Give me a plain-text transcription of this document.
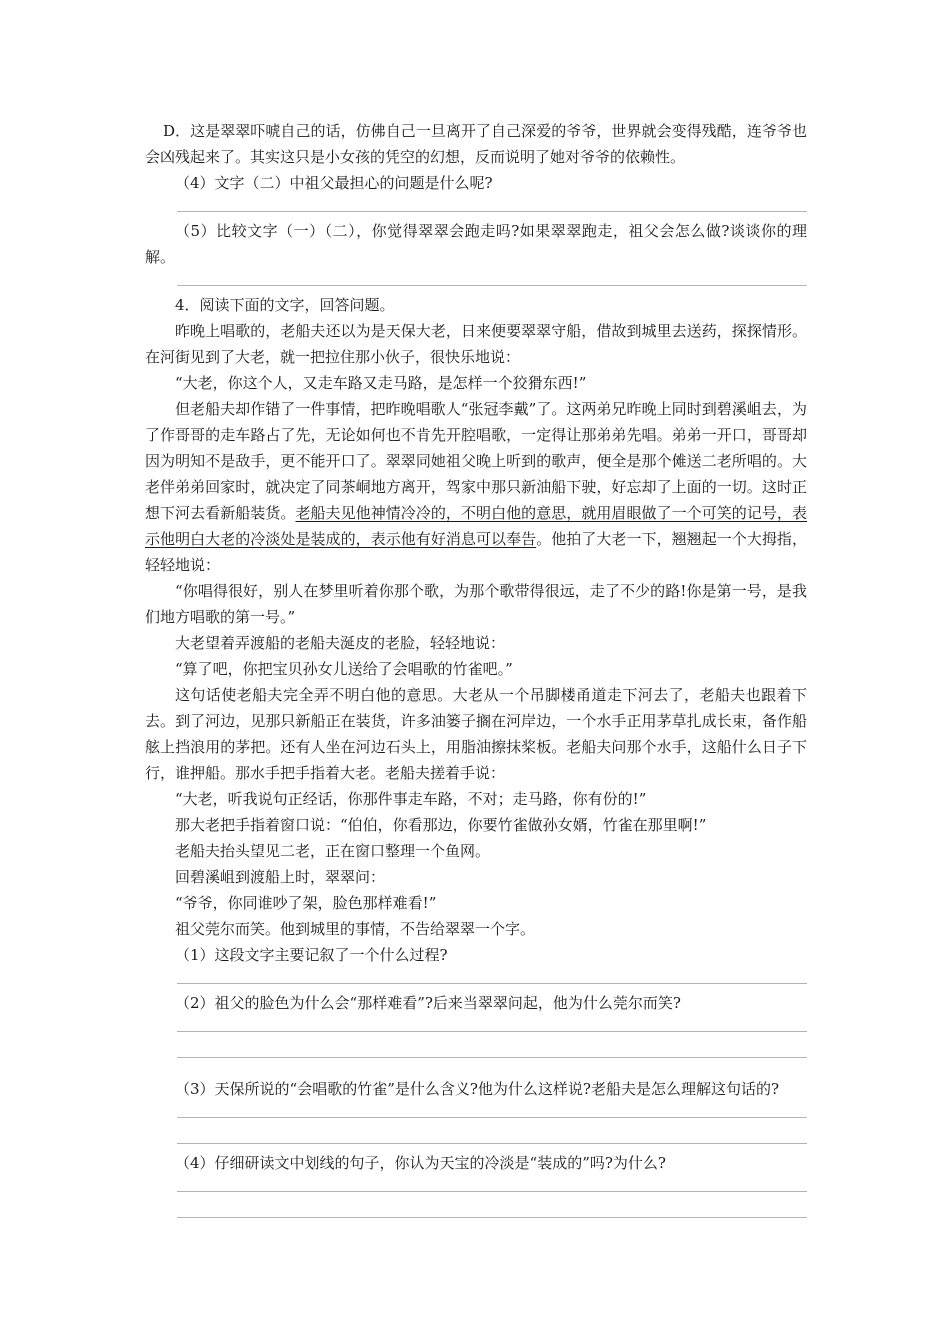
D．这是翠翠吓唬自己的话，仿佛自己一旦离开了自己深爱的爷爷，世界就会变得残酷，连爷爷也会凶残起来了。其实这只是小女孩的凭空的幻想，反而说明了她对爷爷的依赖性。

（4）文字（二）中祖父最担心的问题是什么呢?

（5）比较文字（一）（二），你觉得翠翠会跑走吗?如果翠翠跑走，祖父会怎么做?谈谈你的理解。

4．阅读下面的文字，回答问题。

昨晚上唱歌的，老船夫还以为是天保大老，日来便要翠翠守船，借故到城里去送药，探探情形。在河街见到了大老，就一把拉住那小伙子，很快乐地说：

“大老，你这个人，又走车路又走马路，是怎样一个狡猾东西!”

但老船夫却作错了一件事情，把昨晚唱歌人“张冠李戴”了。这两弟兄昨晚上同时到碧溪岨去，为了作哥哥的走车路占了先，无论如何也不肯先开腔唱歌，一定得让那弟弟先唱。弟弟一开口，哥哥却因为明知不是敌手，更不能开口了。翠翠同她祖父晚上听到的歌声，便全是那个傩送二老所唱的。大老伴弟弟回家时，就决定了同茶峒地方离开，驾家中那只新油船下驶，好忘却了上面的一切。这时正想下河去看新船装货。老船夫见他神情冷冷的，不明白他的意思，就用眉眼做了一个可笑的记号，表示他明白大老的冷淡处是装成的，表示他有好消息可以奉告。他拍了大老一下，翘翘起一个大拇指，轻轻地说：

“你唱得很好，别人在梦里听着你那个歌，为那个歌带得很远，走了不少的路!你是第一号，是我们地方唱歌的第一号。”

大老望着弄渡船的老船夫涎皮的老脸，轻轻地说：

“算了吧，你把宝贝孙女儿送给了会唱歌的竹雀吧。”

这句话使老船夫完全弄不明白他的意思。大老从一个吊脚楼甬道走下河去了，老船夫也跟着下去。到了河边，见那只新船正在装货，许多油篓子搁在河岸边，一个水手正用茅草扎成长束，备作船舷上挡浪用的茅把。还有人坐在河边石头上，用脂油擦抹桨板。老船夫问那个水手，这船什么日子下行，谁押船。那水手把手指着大老。老船夫搓着手说：

“大老，听我说句正经话，你那件事走车路，不对；走马路，你有份的!”

那大老把手指着窗口说：“伯伯，你看那边，你要竹雀做孙女婿，竹雀在那里啊!”

老船夫抬头望见二老，正在窗口整理一个鱼网。

回碧溪岨到渡船上时，翠翠问：

“爷爷，你同谁吵了架，脸色那样难看!”

祖父莞尔而笑。他到城里的事情，不告给翠翠一个字。

（1）这段文字主要记叙了一个什么过程?

（2）祖父的脸色为什么会“那样难看”?后来当翠翠问起，他为什么莞尔而笑?

（3）天保所说的“会唱歌的竹雀”是什么含义?他为什么这样说?老船夫是怎么理解这句话的?

（4）仔细研读文中划线的句子，你认为天宝的冷淡是“装成的”吗?为什么?
